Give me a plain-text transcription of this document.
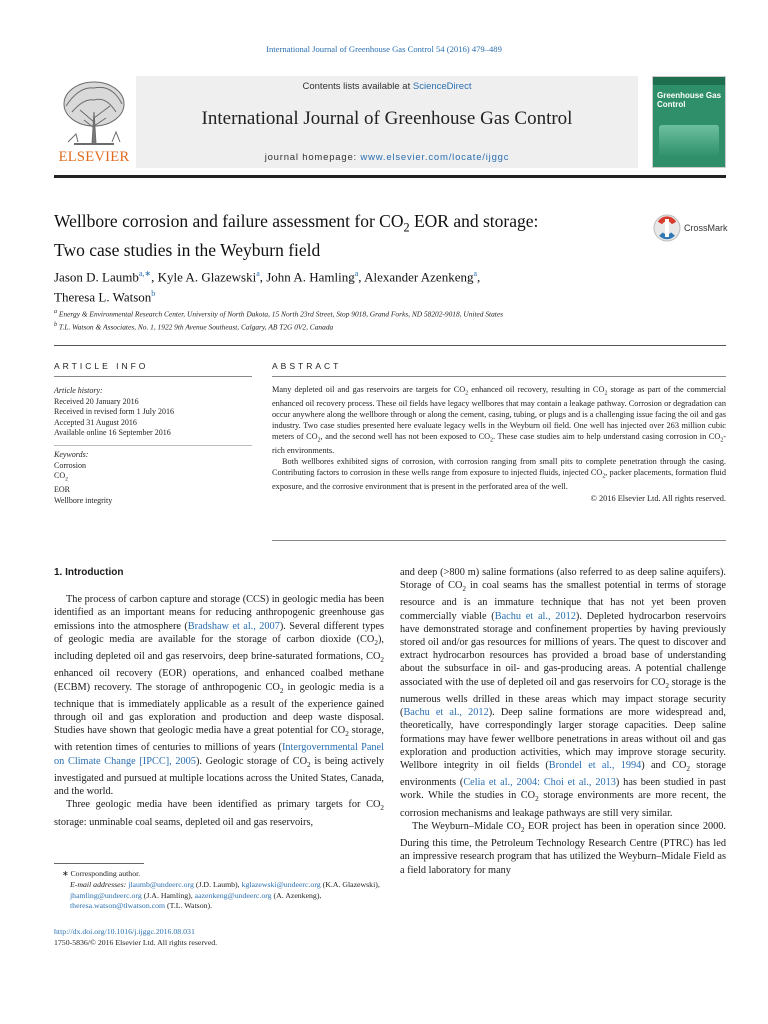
International Journal of Greenhouse Gas Control 54 (2016) 479–489
ELSEVIER
Contents lists available at ScienceDirect
International Journal of Greenhouse Gas Control
journal homepage: www.elsevier.com/locate/ijggc
Greenhouse Gas Control
Wellbore corrosion and failure assessment for $CO_2$ EOR and storage:
Two case studies in the Weyburn field
CrossMark
Jason D. Laumb$^{a,∗}$, Kyle A. Glazewski$^a$, John A. Hamling$^a$, Alexander Azenkeng$^a$,
Theresa L. Watson$^b$
$^a$ Energy & Environmental Research Center, University of North Dakota, 15 North 23rd Street, Stop 9018, Grand Forks, ND 58202-9018, United States
$^b$ T.L. Watson & Associates, No. 1, 1922 9th Avenue Southeast, Calgary, AB T2G 0V2, Canada
ARTICLE INFO	ABSTRACT
Article history:
Received 20 January 2016
Received in revised form 1 July 2016
Accepted 31 August 2016
Available online 16 September 2016
Keywords:
Corrosion
$CO_2$
EOR
Wellbore integrity

Many depleted oil and gas reservoirs are targets for $CO_2$ enhanced oil recovery, resulting in $CO_2$ storage as part of the commercial enhanced oil recovery process. These oil fields have legacy wellbores that may contain a leakage pathway. Corrosion or degradation can occur anywhere along the wellbore through or along the cement, casing, tubing, or plugs and is a challenging issue facing the oil and gas industry. Two case studies presented here evaluate legacy wells in the Weyburn oil field. One well has injected over 263 million cubic meters of $CO_2$, and the second well has not been exposed to $CO_2$. These case studies aim to help understand casing corrosion in $CO_2$-rich environments.

Both wellbores exhibited signs of corrosion, with corrosion ranging from small pits to complete penetration through the casing. Contributing factors to corrosion in these wells range from exposure to injected fluids, injected $CO_2$, packer placements, formation fluid exposure, and the corrosive environment that is present in the perforated area of the well.

© 2016 Elsevier Ltd. All rights reserved.
1. Introduction

The process of carbon capture and storage (CCS) in geologic media has been identified as an important means for reducing anthropogenic greenhouse gas emissions into the atmosphere (Bradshaw et al., 2007). Several different types of geologic media are available for the storage of carbon dioxide $(CO_2)$, including depleted oil and gas reservoirs, deep brine-saturated formations, $CO_2$ enhanced oil recovery (EOR) operations, and enhanced coalbed methane (ECBM) recovery. The storage of anthropogenic $CO_2$ in geologic media is a technique that is immediately applicable as a result of the experience gained through oil and gas exploration and production and deep waste disposal. Studies have shown that geologic media have a great potential for $CO_2$ storage, with retention times of centuries to millions of years (Intergovernmental Panel on Climate Change [IPCC], 2005). Geologic storage of $CO_2$ is being actively investigated and pursued at multiple locations across the United States, Canada, and the world.

Three geologic media have been identified as primary targets for $CO_2$ storage: unminable coal seams, depleted oil and gas reservoirs,

and deep (>800 m) saline formations (also referred to as deep saline aquifers). Storage of $CO_2$ in coal seams has the smallest potential in terms of storage resource and is an immature technique that has not yet been proven commercially viable (Bachu et al., 2012). Depleted hydrocarbon reservoirs have demonstrated storage and confinement properties by having previously stored oil and/or gas resources for millions of years. The quest to discover and extract hydrocarbon resources has provided a broad base of understanding about the subsurface in oil- and gas-producing areas. A potential challenge associated with the use of depleted oil and gas reservoirs for $CO_2$ storage is the numerous wells drilled in these areas which may impact storage security (Bachu et al., 2012). Deep saline formations are more widespread and, theoretically, have correspondingly larger storage capacities. Deep saline formations may have fewer wellbore penetrations in areas without oil and gas exploration and production activities, which may improve storage security. Wellbore integrity in oil fields (Brondel et al., 1994) and $CO_2$ storage environments (Celia et al., 2004: Choi et al., 2013) has been studied in past work. While the studies in $CO_2$ storage environments are more recent, the corrosion mechanisms and leakage pathways are still very similar.

The Weyburn–Midale $CO_2$ EOR project has been in operation since 2000. During this time, the Petroleum Technology Research Centre (PTRC) has led an impressive research program that has utilized the Weyburn–Midale Field as a field laboratory for many

∗ Corresponding author.
E-mail addresses: jlaumb@undeerc.org (J.D. Laumb), kglazewski@undeerc.org (K.A. Glazewski), jhamling@undeerc.org (J.A. Hamling), aazenkeng@undeerc.org (A. Azenkeng), theresa.watson@tlwatson.com (T.L. Watson).
http://dx.doi.org/10.1016/j.ijggc.2016.08.031
1750-5836/© 2016 Elsevier Ltd. All rights reserved.
